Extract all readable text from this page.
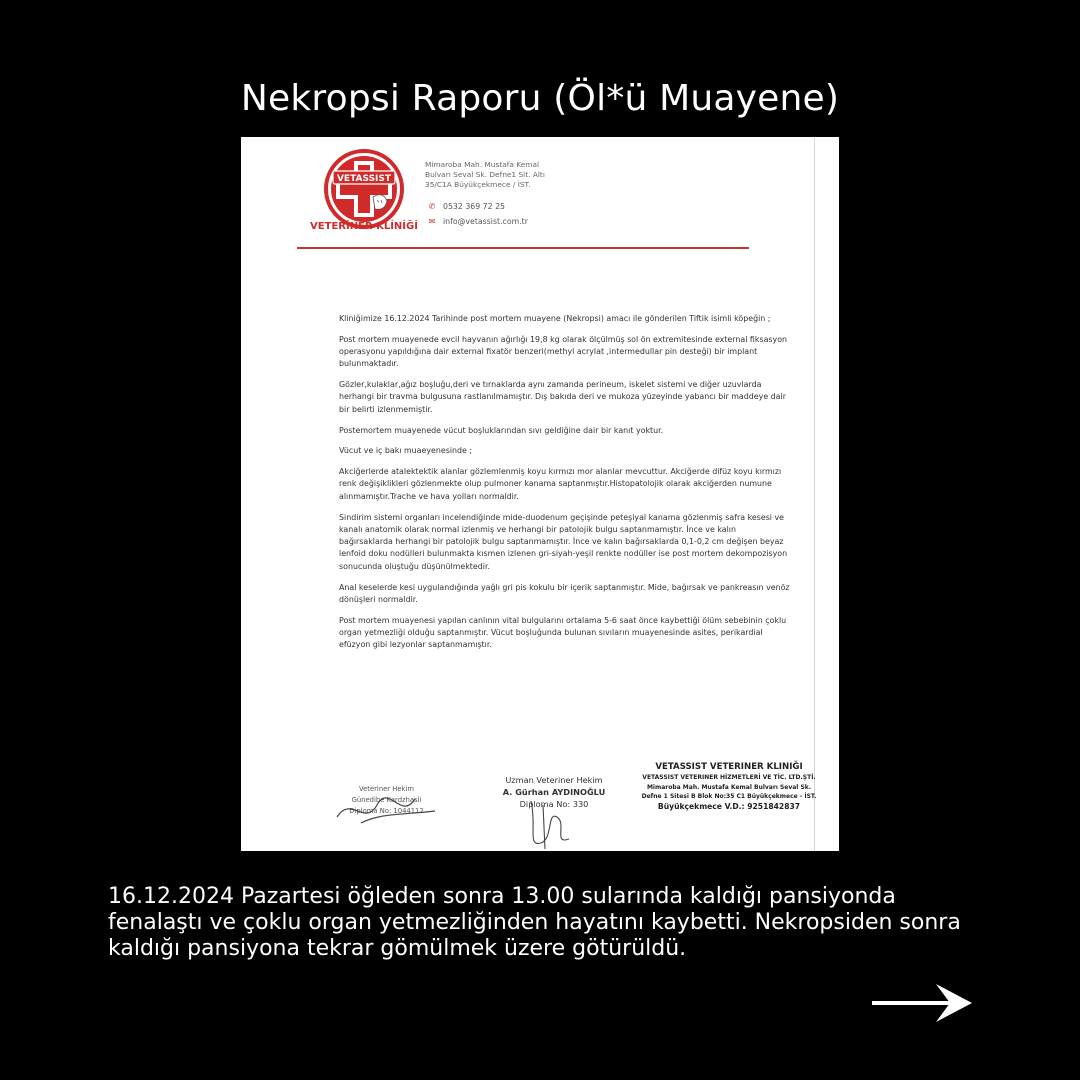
Nekropsi Raporu (Öl*ü Muayene)
VETASSIST
VETERİNER KLİNİĞİ
Mimaroba Mah. Mustafa Kemal
Bulvarı Seval Sk. Defne1 Sit. Altı
35/C1A Büyükçekmece / İST.
✆ 0532 369 72 25
✉ info@vetassist.com.tr

Kliniğimize 16.12.2024 Tarihinde post mortem muayene (Nekropsi) amacı ile gönderilen Tiftik isimli köpeğin ;

Post mortem muayenede evcil hayvanın ağırlığı 19,8 kg olarak ölçülmüş sol ön extremitesinde external fiksasyon operasyonu yapıldığına dair external fixatör benzeri(methyl acrylat ,intermedullar pin desteği) bir implant bulunmaktadır.

Gözler,kulaklar,ağız boşluğu,deri ve tırnaklarda aynı zamanda perineum, iskelet sistemi ve diğer uzuvlarda herhangi bir travma bulgusuna rastlanılmamıştır. Dış bakıda deri ve mukoza yüzeyinde yabancı bir maddeye dair bir belirti izlenmemiştir.

Postemortem muayenede vücut boşluklarından sıvı geldiğine dair bir kanıt yoktur.

Vücut ve iç bakı muaeyenesinde ;

Akciğerlerde atalektektik alanlar gözlemlenmiş koyu kırmızı mor alanlar mevcuttur. Akciğerde difüz koyu kırmızı renk değişiklikleri gözlenmekte olup pulmoner kanama saptanmıştır.Histopatolojik olarak akciğerden numune alınmamıştır.Trache ve hava yolları normaldir.

Sindirim sistemi organları incelendiğinde mide-duodenum geçişinde peteşiyal kanama gözlenmiş safra kesesi ve kanalı anatomik olarak normal izlenmiş ve herhangi bir patolojik bulgu saptanmamıştır. İnce ve kalın bağırsaklarda herhangi bir patolojik bulgu saptanmamıştır. İnce ve kalın bağırsaklarda 0,1-0,2 cm değişen beyaz lenfoid doku nodülleri bulunmakta kısmen izlenen gri-siyah-yeşil renkte nodüller ise post mortem dekompozisyon sonucunda oluştuğu düşünülmektedir.

Anal keselerde kesi uygulandığında yağlı gri pis kokulu bir içerik saptanmıştır. Mide, bağırsak ve pankreasın venöz dönüşleri normaldir.

Post mortem muayenesi yapılan canlının vital bulgularını ortalama 5-6 saat önce kaybettiği ölüm sebebinin çoklu organ yetmezliği olduğu saptanmıştır. Vücut boşluğunda bulunan sıvıların muayenesinde asites, perikardial efüzyon gibi lezyonlar saptanmamıştır.

Veteriner Hekim
Günedibe Kardzhasli
Diploma No: 1044112
Uzman Veteriner Hekim
A. Gürhan AYDINOĞLU
Diploma No: 330
VETASSIST VETERINER KLINIĞI
VETASSIST VETERINER HİZMETLERİ VE TİC. LTD.ŞTİ.
Mimaroba Mah. Mustafa Kemal Bulvarı Seval Sk.
Defne 1 Sitesi B Blok No:35 C1 Büyükçekmece - İST.
Büyükçekmece V.D.: 9251842837
16.12.2024 Pazartesi öğleden sonra 13.00 sularında kaldığı pansiyonda fenalaştı ve çoklu organ yetmezliğinden hayatını kaybetti. Nekropsiden sonra kaldığı pansiyona tekrar gömülmek üzere götürüldü.
